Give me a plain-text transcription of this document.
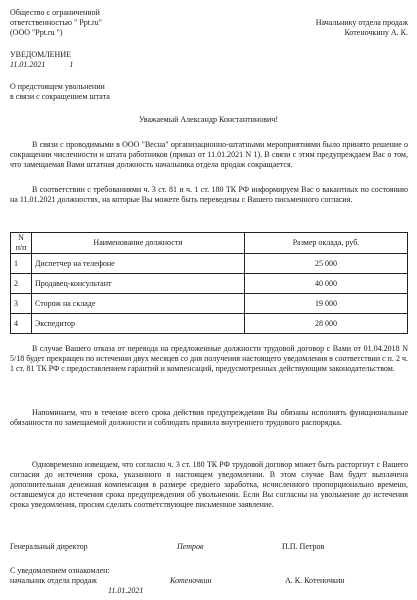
Общество с ограниченной
ответственностью " Ppt.ru"
(ООО "Ppt.ru ")
Начальнику отдела продаж
Котеночкину А. К.
УВЕДОМЛЕНИЕ
11.01.2021	1
О предстоящем увольнении
в связи с сокращением штата
Уважаемый Александр Константинович!
В связи с проводимыми в ООО "Весна" организационно-штатными мероприятиями было принято решение о сокращении численности и штата работников (приказ от 11.01.2021 N 1). В связи с этим предупреждаем Вас о том, что замещаемая Вами штатная должность начальника отдела продаж сокращается.
В соответствии с требованиями ч. 3 ст. 81 и ч. 1 ст. 180 ТК РФ информируем Вас о вакантных по состоянию на 11.01.2021 должностях, на которые Вы можете быть переведены с Вашего письменного согласия.
N п/п	Наименование должности	Размер оклада, руб.
1	Диспетчер на телефоне	25 000
2	Продавец-консультант	40 000
3	Сторож на складе	19 000
4	Экспедитор	28 000
В случае Вашего отказа от перевода на предложенные должности трудовой договор с Вами от 01.04.2018 N 5/18 будет прекращен по истечении двух месяцев со дня получения настоящего уведомления в соответствии с п. 2 ч. 1 ст. 81 ТК РФ с предоставлением гарантий и компенсаций, предусмотренных действующим законодательством.
Напоминаем, что в течение всего срока действия предупреждения Вы обязаны исполнять функциональные обязанности по замещаемой должности и соблюдать правила внутреннего трудового распорядка.
Одновременно извещаем, что согласно ч. 3 ст. 180 ТК РФ трудовой договор может быть расторгнут с Вашего согласия до истечения срока, указанного в настоящем уведомлении. В этом случае Вам будет выплачена дополнительная денежная компенсация в размере среднего заработка, исчисленного пропорционально времени, оставшемуся до истечения срока предупреждения об увольнении. Если Вы согласны на увольнение до истечения срока уведомления, просим сделать соответствующее письменное заявление.
Генеральный директор	Петров	П.П. Петров
С уведомлением ознакомлен:
начальник отдела продаж	Котеночкин	А. К. Котеночкин
11.01.2021
